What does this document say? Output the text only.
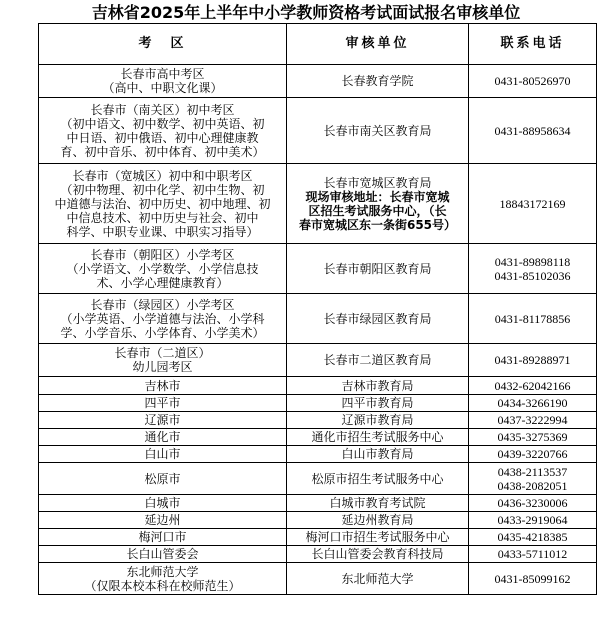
吉林省2025年上半年中小学教师资格考试面试报名审核单位
考　区	审核单位	联系电话

长春市高中考区
（高中、中职文化课）	长春教育学院	0431-80526970

长春市（南关区）初中考区
（初中语文、初中数学、初中英语、初
中日语、初中俄语、初中心理健康教
育、初中音乐、初中体育、初中美术）	长春市南关区教育局	0431-88958634

长春市（宽城区）初中和中职考区
（初中物理、初中化学、初中生物、初
中道德与法治、初中历史、初中地理、初
中信息技术、初中历史与社会、初中
科学、中职专业课、中职实习指导）	长春市宽城区教育局
现场审核地址：长春市宽城
区招生考试服务中心，（长
春市宽城区东一条街655号）	18843172169

长春市（朝阳区）小学考区
（小学语文、小学数学、小学信息技
术、小学心理健康教育）	长春市朝阳区教育局	0431-89898118
0431-85102036

长春市（绿园区）小学考区
（小学英语、小学道德与法治、小学科
学、小学音乐、小学体育、小学美术）	长春市绿园区教育局	0431-81178856

长春市（二道区）
幼儿园考区	长春市二道区教育局	0431-89288971

吉林市	吉林市教育局	0432-62042166

四平市	四平市教育局	0434-3266190

辽源市	辽源市教育局	0437-3222994

通化市	通化市招生考试服务中心	0435-3275369

白山市	白山市教育局	0439-3220766

松原市	松原市招生考试服务中心	0438-2113537
0438-2082051

白城市	白城市教育考试院	0436-3230006

延边州	延边州教育局	0433-2919064

梅河口市	梅河口市招生考试服务中心	0435-4218385

长白山管委会	长白山管委会教育科技局	0433-5711012

东北师范大学
（仅限本校本科在校师范生）	东北师范大学	0431-85099162
